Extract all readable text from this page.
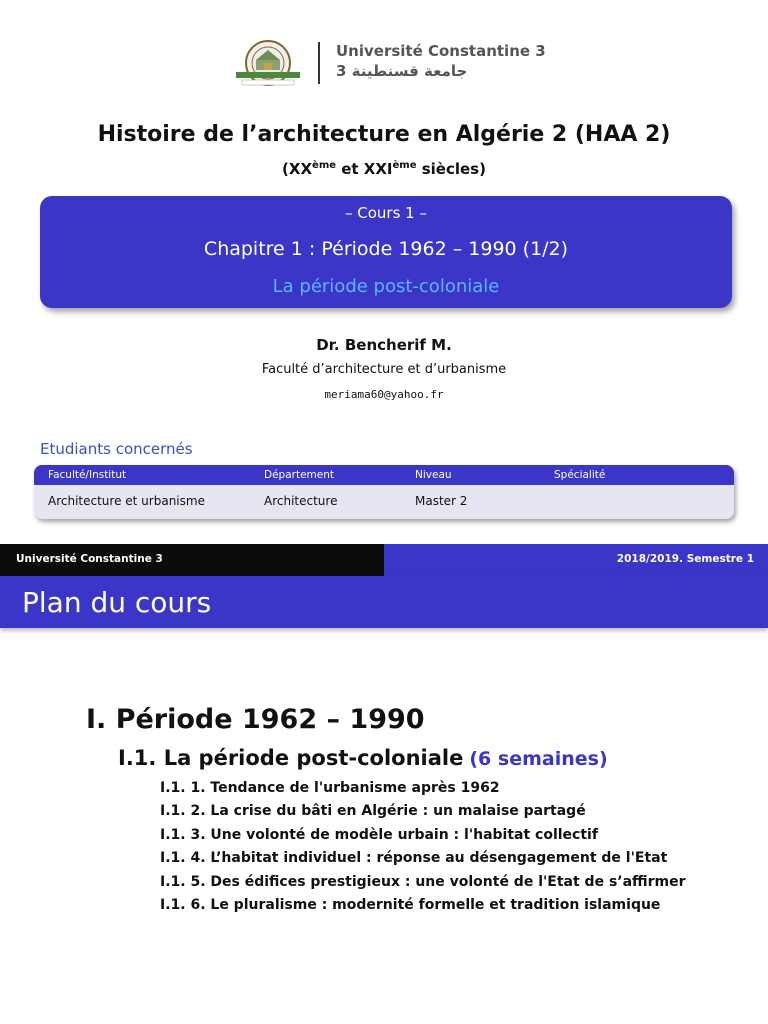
Université Constantine 3
جامعة قسنطينة 3
Histoire de l’architecture en Algérie 2 (HAA 2)
(XXème et XXIème siècles)
– Cours 1 –
Chapitre 1 : Période 1962 – 1990 (1/2)
La période post-coloniale
Dr. Bencherif M.
Faculté d’architecture et d’urbanisme
meriama60@yahoo.fr
Etudiants concernés
Faculté/Institut	Département	Niveau	Spécialité
Architecture et urbanisme	Architecture	Master 2
Université Constantine 3	2018/2019. Semestre 1
Plan du cours
I. Période 1962 – 1990
I.1. La période post-coloniale (6 semaines)
I.1. 1. Tendance de l'urbanisme après 1962
I.1. 2. La crise du bâti en Algérie : un malaise partagé
I.1. 3. Une volonté de modèle urbain : l'habitat collectif
I.1. 4. L’habitat individuel : réponse au désengagement de l'Etat
I.1. 5. Des édifices prestigieux : une volonté de l'Etat de s’affirmer
I.1. 6. Le pluralisme : modernité formelle et tradition islamique
